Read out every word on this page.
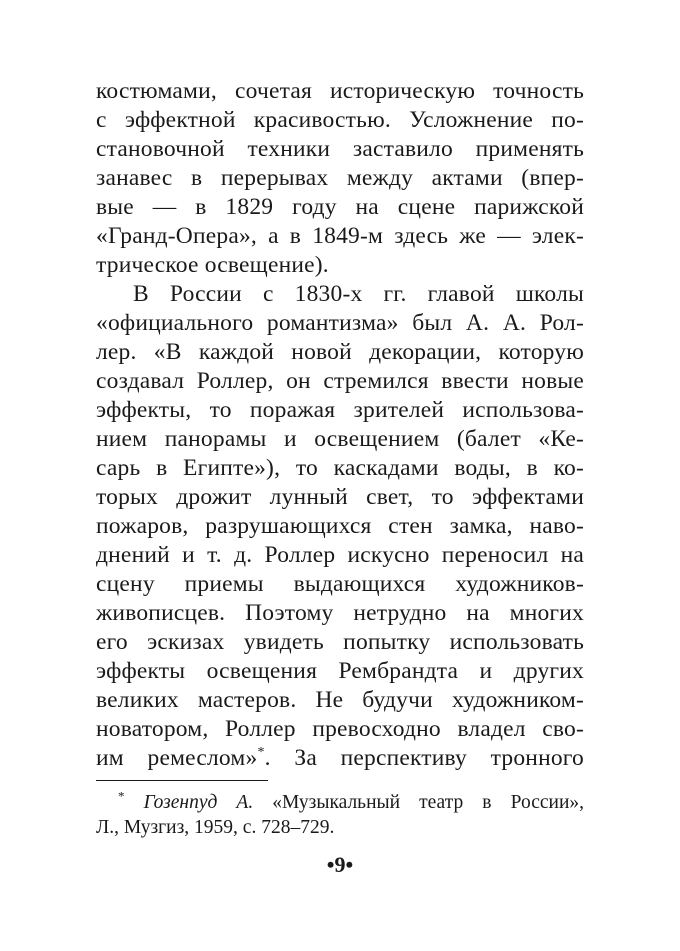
костюмами, сочетая историческую точность
с эффектной красивостью. Усложнение по-
становочной техники заставило применять
занавес в перерывах между актами (впер-
вые — в 1829 году на сцене парижской
«Гранд-Опера», а в 1849-м здесь же — элек-
трическое освещение).
В России с 1830-х гг. главой школы
«официального романтизма» был А. А. Рол-
лер. «В каждой новой декорации, которую
создавал Роллер, он стремился ввести новые
эффекты, то поражая зрителей использова-
нием панорамы и освещением (балет «Ке-
сарь в Египте»), то каскадами воды, в ко-
торых дрожит лунный свет, то эффектами
пожаров, разрушающихся стен замка, наво-
днений и т. д. Роллер искусно переносил на
сцену приемы выдающихся художников-
живописцев. Поэтому нетрудно на многих
его эскизах увидеть попытку использовать
эффекты освещения Рембрандта и других
великих мастеров. Не будучи художником-
новатором, Роллер превосходно владел сво-
им ремеслом»*. За перспективу тронного
* Гозенпуд А. «Музыкальный театр в России»,
Л., Музгиз, 1959, с. 728–729.
•9•
